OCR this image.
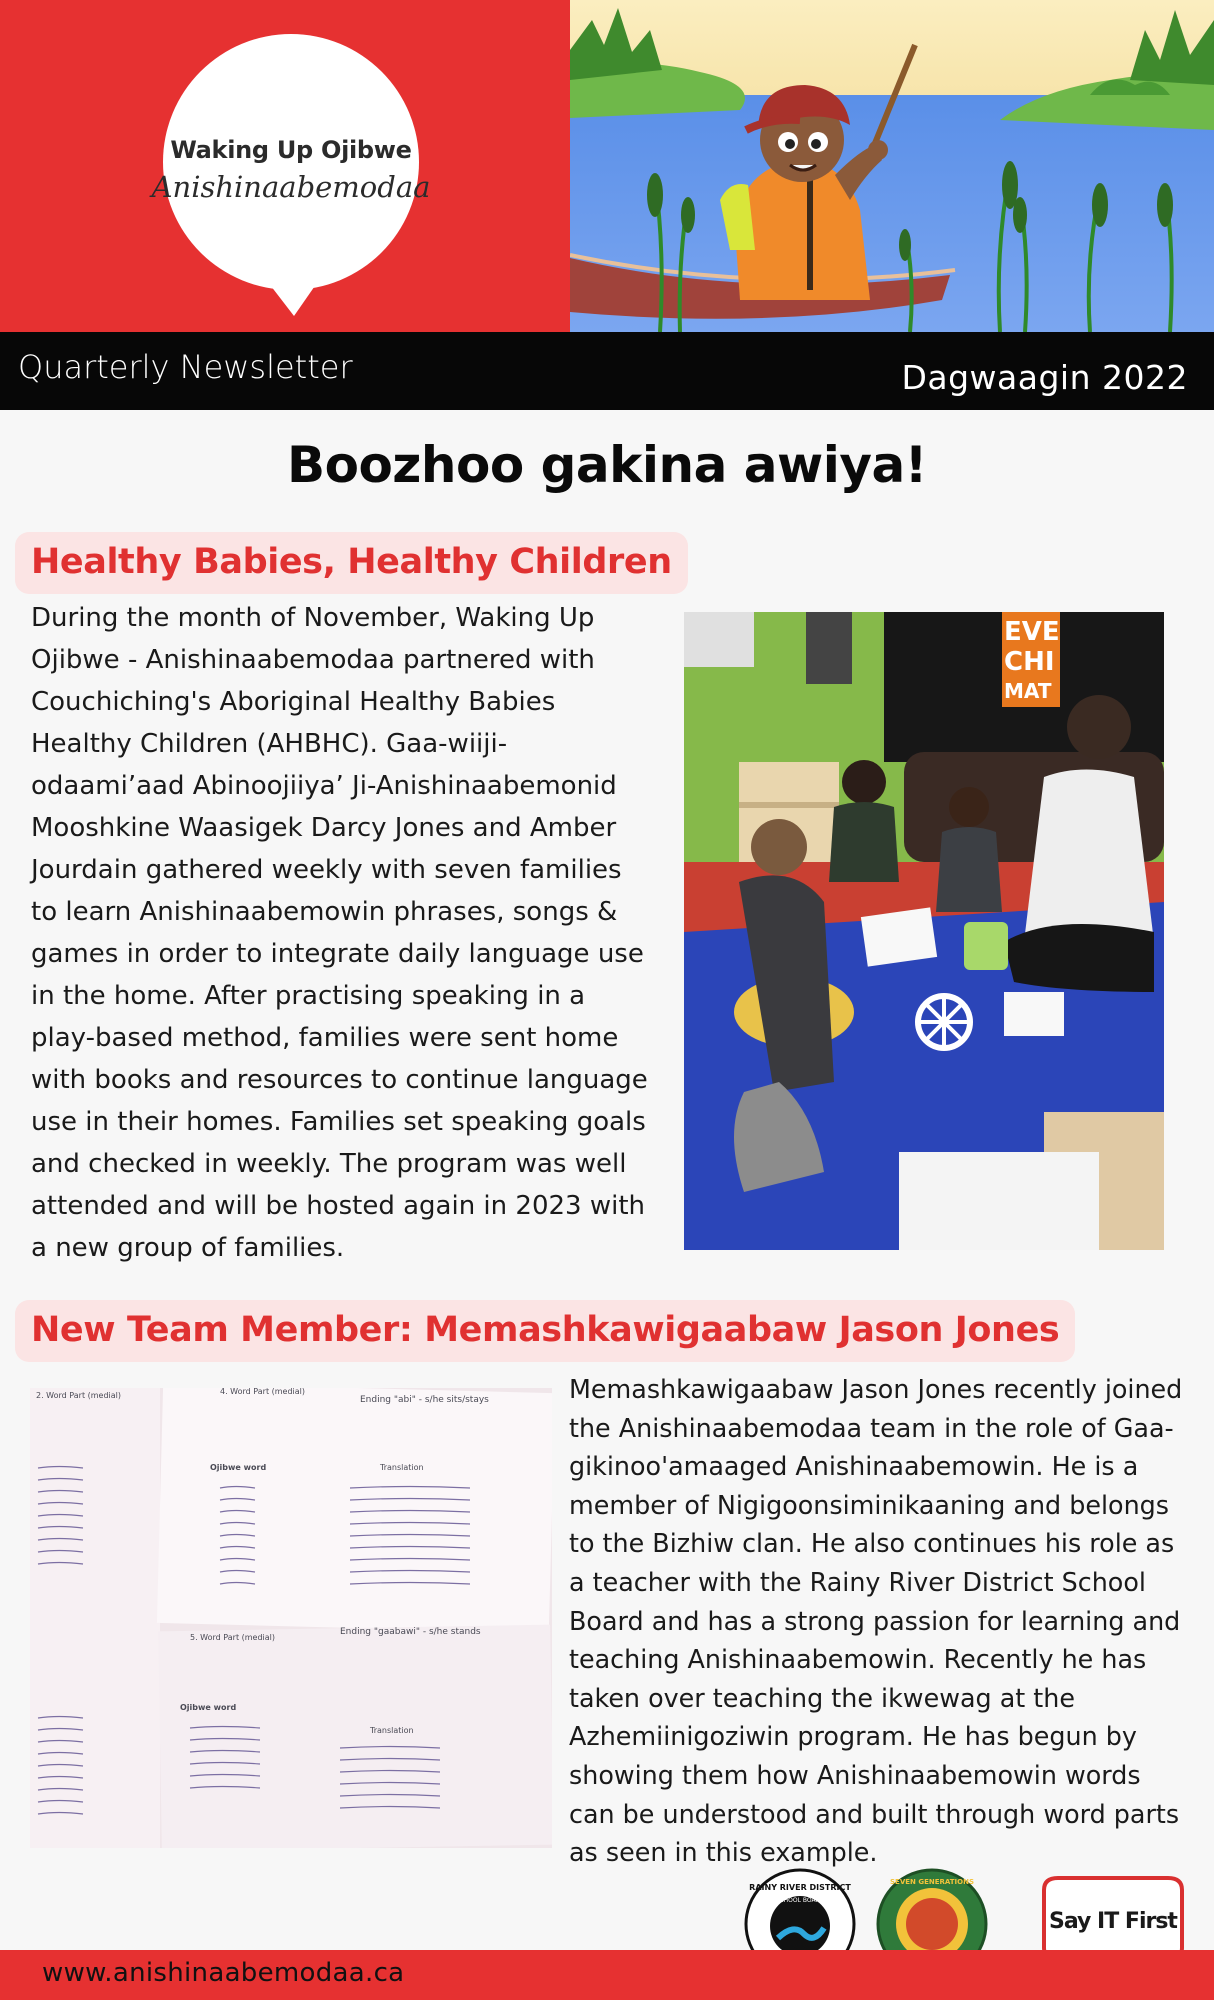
Waking Up Ojibwe
Anishinaabemodaa
Quarterly Newsletter	Dagwaagin 2022
Boozhoo gakina awiya!
Healthy Babies, Healthy Children
During the month of November, Waking Up Ojibwe - Anishinaabemodaa partnered with Couchiching's Aboriginal Healthy Babies Healthy Children (AHBHC). Gaa-wiiji-odaami’aad Abinoojiiya’ Ji-Anishinaabemonid Mooshkine Waasigek Darcy Jones and Amber Jourdain gathered weekly with seven families to learn Anishinaabemowin phrases, songs & games in order to integrate daily language use in the home. After practising speaking in a play-based method, families were sent home with books and resources to continue language use in their homes. Families set speaking goals and checked in weekly. The program was well attended and will be hosted again in 2023 with a new group of families.
EVE
CHI
MAT
New Team Member: Memashkawigaabaw Jason Jones
2. Word Part (medial)	4. Word Part (medial)
Ending "abi" - s/he sits/stays
Ojibwe word	Translation
5. Word Part (medial)
Ending "gaabawi" - s/he stands
Ojibwe word
Translation
Memashkawigaabaw Jason Jones recently joined the Anishinaabemodaa team in the role of Gaa-gikinoo'amaaged Anishinaabemowin. He is a member of Nigigoonsiminikaaning and belongs to the Bizhiw clan. He also continues his role as a teacher with the Rainy River District School Board and has a strong passion for learning and teaching Anishinaabemowin. Recently he has taken over teaching the ikwewag at the Azhemiinigoziwin program. He has begun by showing them how Anishinaabemowin words can be understood and built through word parts as seen in this example.
RAINY RIVER DISTRICT
SCHOOL BOARD
SEVEN GENERATIONS
Say IT First
www.anishinaabemodaa.ca
